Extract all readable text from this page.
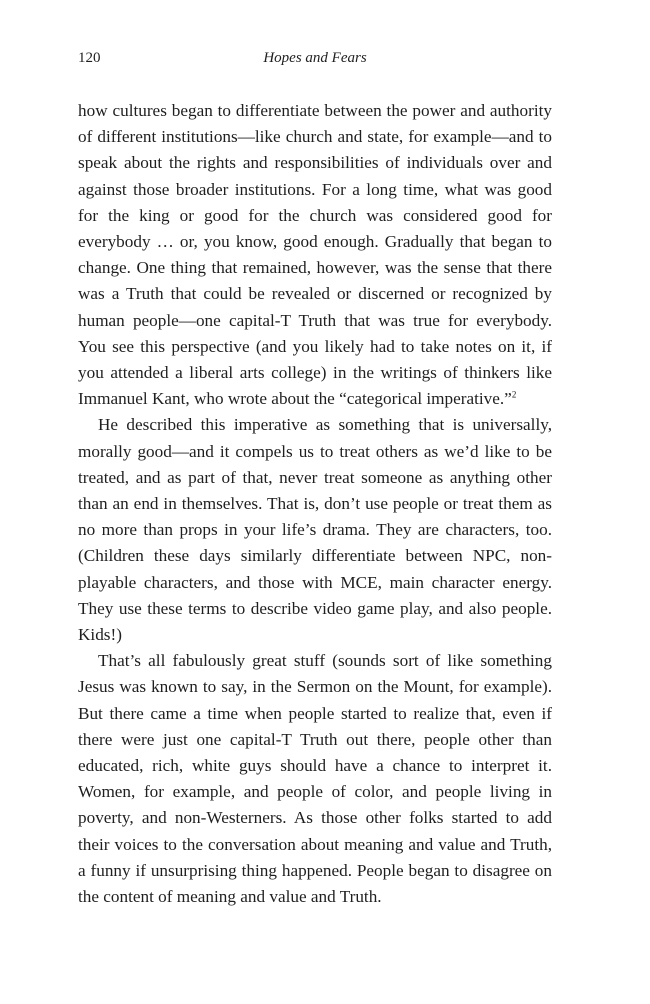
120	Hopes and Fears

how cultures began to differentiate between the power and authority of different institutions—like church and state, for example—and to speak about the rights and responsibilities of individuals over and against those broader institutions. For a long time, what was good for the king or good for the church was considered good for everybody … or, you know, good enough. Gradually that began to change. One thing that remained, however, was the sense that there was a Truth that could be revealed or discerned or recognized by human people—one capital-T Truth that was true for everybody. You see this perspective (and you likely had to take notes on it, if you attended a liberal arts college) in the writings of thinkers like Immanuel Kant, who wrote about the “categorical imperative.”$^2$

He described this imperative as something that is universally, morally good—and it compels us to treat others as we’d like to be treated, and as part of that, never treat someone as anything other than an end in themselves. That is, don’t use people or treat them as no more than props in your life’s drama. They are characters, too. (Children these days similarly differentiate between NPC, non-playable characters, and those with MCE, main character energy. They use these terms to describe video game play, and also people. Kids!)

That’s all fabulously great stuff (sounds sort of like something Jesus was known to say, in the Sermon on the Mount, for example). But there came a time when people started to realize that, even if there were just one capital-T Truth out there, people other than educated, rich, white guys should have a chance to interpret it. Women, for example, and people of color, and people living in poverty, and non-Westerners. As those other folks started to add their voices to the conversation about meaning and value and Truth, a funny if unsurprising thing happened. People began to disagree on the content of meaning and value and Truth.
